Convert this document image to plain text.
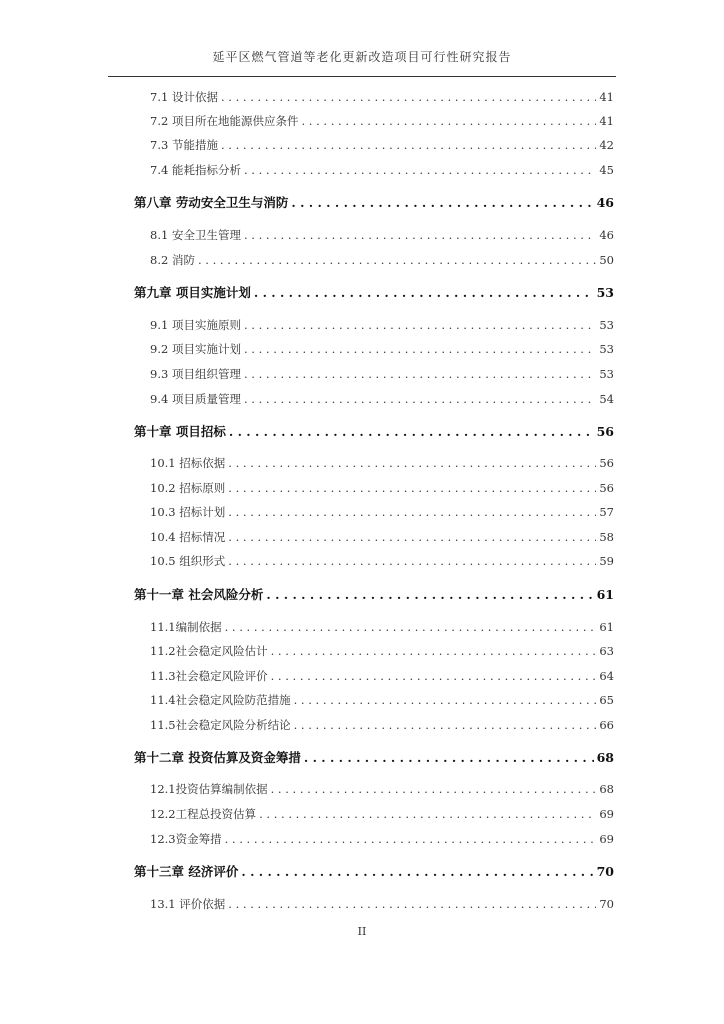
延平区燃气管道等老化更新改造项目可行性研究报告
7.1 设计依据 . . .	41
7.2 项目所在地能源供应条件 . . .	41
7.3 节能措施 . . .	42
7.4 能耗指标分析 . . .	45
第八章 劳动安全卫生与消防 . . .	46
8.1 安全卫生管理 . . .	46
8.2 消防 . . .	50
第九章 项目实施计划 . . .	53
9.1 项目实施原则 . . .	53
9.2 项目实施计划 . . .	53
9.3 项目组织管理 . . .	53
9.4 项目质量管理 . . .	54
第十章 项目招标 . . .	56
10.1 招标依据 . . .	56
10.2 招标原则 . . .	56
10.3 招标计划 . . .	57
10.4 招标情况 . . .	58
10.5 组织形式 . . .	59
第十一章 社会风险分析 . . .	61
11.1编制依据 . . .	61
11.2社会稳定风险估计 . . .	63
11.3社会稳定风险评价 . . .	64
11.4社会稳定风险防范措施 . . .	65
11.5社会稳定风险分析结论 . . .	66
第十二章 投资估算及资金筹措 . . .	68
12.1投资估算编制依据 . . .	68
12.2工程总投资估算 . . .	69
12.3资金筹措 . . .	69
第十三章 经济评价 . . .	70
13.1 评价依据 . . .	70
II
